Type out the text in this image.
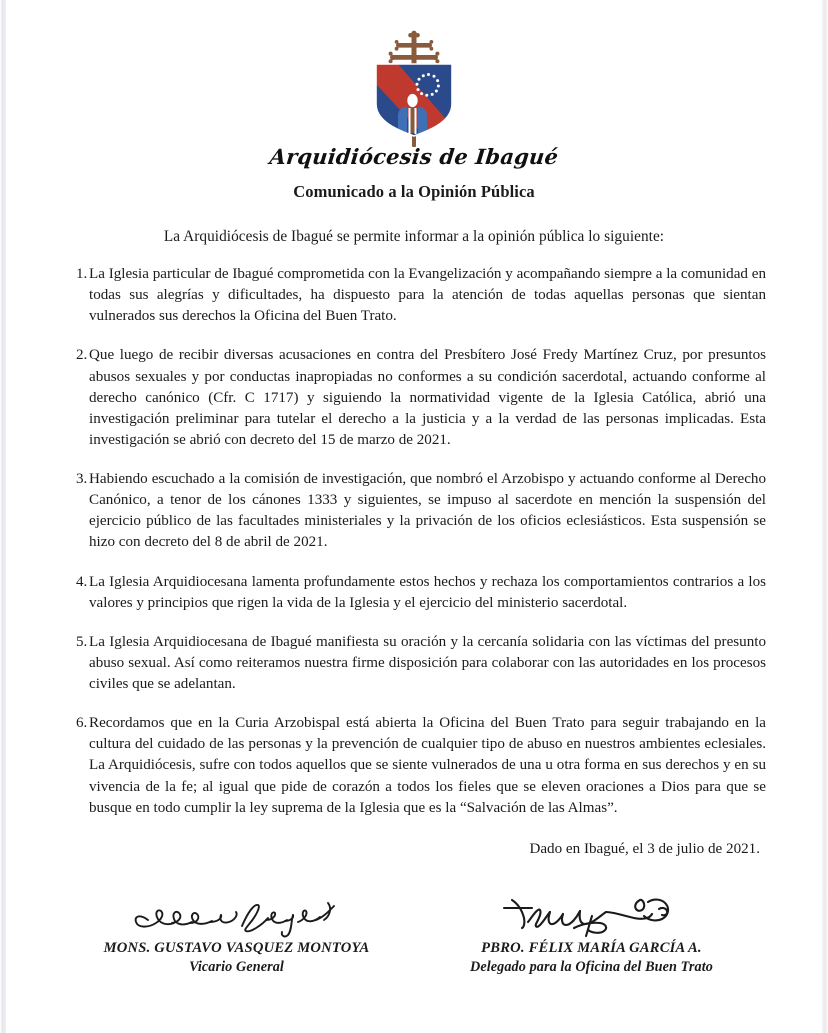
Arquidiócesis de Ibagué
Comunicado a la Opinión Pública
La Arquidiócesis de Ibagué se permite informar a la opinión pública lo siguiente:
1. La Iglesia particular de Ibagué comprometida con la Evangelización y acompañando siempre a la comunidad en todas sus alegrías y dificultades, ha dispuesto para la atención de todas aquellas personas que sientan vulnerados sus derechos la Oficina del Buen Trato.
2. Que luego de recibir diversas acusaciones en contra del Presbítero José Fredy Martínez Cruz, por presuntos abusos sexuales y por conductas inapropiadas no conformes a su condición sacerdotal, actuando conforme al derecho canónico (Cfr. C 1717) y siguiendo la normatividad vigente de la Iglesia Católica, abrió una investigación preliminar para tutelar el derecho a la justicia y a la verdad de las personas implicadas. Esta investigación se abrió con decreto del 15 de marzo de 2021.
3. Habiendo escuchado a la comisión de investigación, que nombró el Arzobispo y actuando conforme al Derecho Canónico, a tenor de los cánones 1333 y siguientes, se impuso al sacerdote en mención la suspensión del ejercicio público de las facultades ministeriales y la privación de los oficios eclesiásticos. Esta suspensión se hizo con decreto del 8 de abril de 2021.
4. La Iglesia Arquidiocesana lamenta profundamente estos hechos y rechaza los comportamientos contrarios a los valores y principios que rigen la vida de la Iglesia y el ejercicio del ministerio sacerdotal.
5. La Iglesia Arquidiocesana de Ibagué manifiesta su oración y la cercanía solidaria con las víctimas del presunto abuso sexual. Así como reiteramos nuestra firme disposición para colaborar con las autoridades en los procesos civiles que se adelantan.
6. Recordamos que en la Curia Arzobispal está abierta la Oficina del Buen Trato para seguir trabajando en la cultura del cuidado de las personas y la prevención de cualquier tipo de abuso en nuestros ambientes eclesiales. La Arquidiócesis, sufre con todos aquellos que se siente vulnerados de una u otra forma en sus derechos y en su vivencia de la fe; al igual que pide de corazón a todos los fieles que se eleven oraciones a Dios para que se busque en todo cumplir la ley suprema de la Iglesia que es la “Salvación de las Almas”.
Dado en Ibagué, el 3 de julio de 2021.
MONS. GUSTAVO VASQUEZ MONTOYA
Vicario General
PBRO. FÉLIX MARÍA GARCÍA A.
Delegado para la Oficina del Buen Trato
